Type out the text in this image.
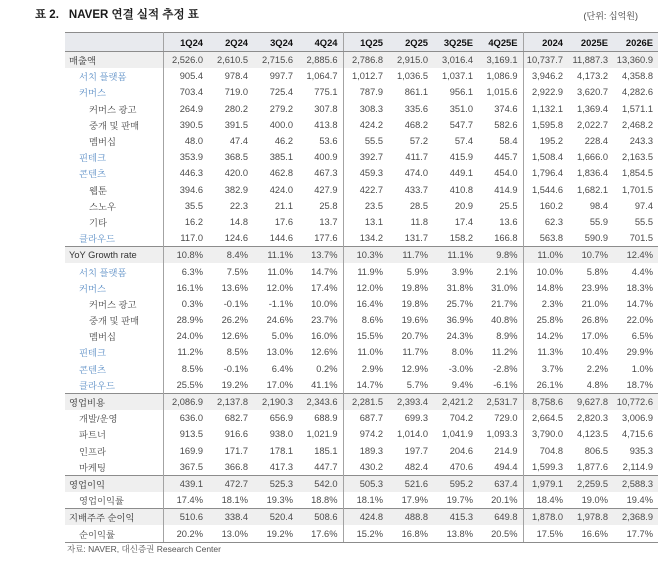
표 2. NAVER 연결 실적 추정 표	(단위: 십억원)
	1Q24	2Q24	3Q24	4Q24	1Q25	2Q25	3Q25E	4Q25E	2024	2025E	2026E
매출액	2,526.0	2,610.5	2,715.6	2,885.6	2,786.8	2,915.0	3,016.4	3,169.1	10,737.7	11,887.3	13,360.9
서치 플랫폼	905.4	978.4	997.7	1,064.7	1,012.7	1,036.5	1,037.1	1,086.9	3,946.2	4,173.2	4,358.8
커머스	703.4	719.0	725.4	775.1	787.9	861.1	956.1	1,015.6	2,922.9	3,620.7	4,282.6
커머스 광고	264.9	280.2	279.2	307.8	308.3	335.6	351.0	374.6	1,132.1	1,369.4	1,571.1
중개 및 판매	390.5	391.5	400.0	413.8	424.2	468.2	547.7	582.6	1,595.8	2,022.7	2,468.2
멤버십	48.0	47.4	46.2	53.6	55.5	57.2	57.4	58.4	195.2	228.4	243.3
핀테크	353.9	368.5	385.1	400.9	392.7	411.7	415.9	445.7	1,508.4	1,666.0	2,163.5
콘텐츠	446.3	420.0	462.8	467.3	459.3	474.0	449.1	454.0	1,796.4	1,836.4	1,854.5
웹툰	394.6	382.9	424.0	427.9	422.7	433.7	410.8	414.9	1,544.6	1,682.1	1,701.5
스노우	35.5	22.3	21.1	25.8	23.5	28.5	20.9	25.5	160.2	98.4	97.4
기타	16.2	14.8	17.6	13.7	13.1	11.8	17.4	13.6	62.3	55.9	55.5
클라우드	117.0	124.6	144.6	177.6	134.2	131.7	158.2	166.8	563.8	590.9	701.5
YoY Growth rate	10.8%	8.4%	11.1%	13.7%	10.3%	11.7%	11.1%	9.8%	11.0%	10.7%	12.4%
서치 플랫폼	6.3%	7.5%	11.0%	14.7%	11.9%	5.9%	3.9%	2.1%	10.0%	5.8%	4.4%
커머스	16.1%	13.6%	12.0%	17.4%	12.0%	19.8%	31.8%	31.0%	14.8%	23.9%	18.3%
커머스 광고	0.3%	-0.1%	-1.1%	10.0%	16.4%	19.8%	25.7%	21.7%	2.3%	21.0%	14.7%
중개 및 판매	28.9%	26.2%	24.6%	23.7%	8.6%	19.6%	36.9%	40.8%	25.8%	26.8%	22.0%
멤버십	24.0%	12.6%	5.0%	16.0%	15.5%	20.7%	24.3%	8.9%	14.2%	17.0%	6.5%
핀테크	11.2%	8.5%	13.0%	12.6%	11.0%	11.7%	8.0%	11.2%	11.3%	10.4%	29.9%
콘텐츠	8.5%	-0.1%	6.4%	0.2%	2.9%	12.9%	-3.0%	-2.8%	3.7%	2.2%	1.0%
클라우드	25.5%	19.2%	17.0%	41.1%	14.7%	5.7%	9.4%	-6.1%	26.1%	4.8%	18.7%
영업비용	2,086.9	2,137.8	2,190.3	2,343.6	2,281.5	2,393.4	2,421.2	2,531.7	8,758.6	9,627.8	10,772.6
개발/운영	636.0	682.7	656.9	688.9	687.7	699.3	704.2	729.0	2,664.5	2,820.3	3,006.9
파트너	913.5	916.6	938.0	1,021.9	974.2	1,014.0	1,041.9	1,093.3	3,790.0	4,123.5	4,715.6
인프라	169.9	171.7	178.1	185.1	189.3	197.7	204.6	214.9	704.8	806.5	935.3
마케팅	367.5	366.8	417.3	447.7	430.2	482.4	470.6	494.4	1,599.3	1,877.6	2,114.9
영업이익	439.1	472.7	525.3	542.0	505.3	521.6	595.2	637.4	1,979.1	2,259.5	2,588.3
영업이익률	17.4%	18.1%	19.3%	18.8%	18.1%	17.9%	19.7%	20.1%	18.4%	19.0%	19.4%
지배주주 순이익	510.6	338.4	520.4	508.6	424.8	488.8	415.3	649.8	1,878.0	1,978.8	2,368.9
순이익률	20.2%	13.0%	19.2%	17.6%	15.2%	16.8%	13.8%	20.5%	17.5%	16.6%	17.7%
자료: NAVER, 대신증권 Research Center
